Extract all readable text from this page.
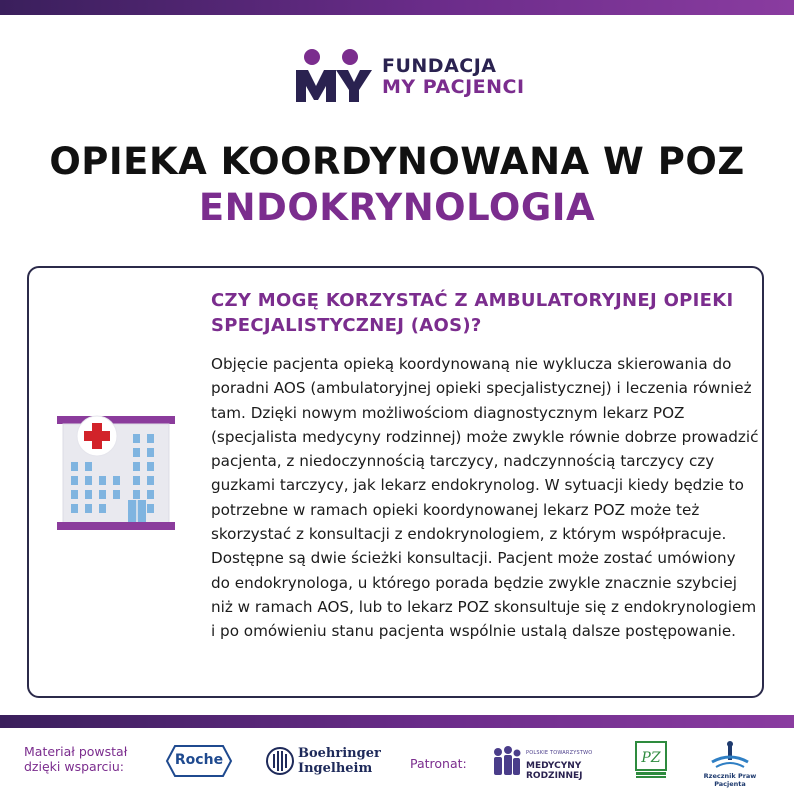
FUNDACJA
MY PACJENCI
OPIEKA KOORDYNOWANA W POZ
ENDOKRYNOLOGIA
CZY MOGĘ KORZYSTAĆ Z AMBULATORYJNEJ OPIEKI SPECJALISTYCZNEJ (AOS)?
Objęcie pacjenta opieką koordynowaną nie wyklucza skierowania do poradni AOS (ambulatoryjnej opieki specjalistycznej) i leczenia również tam. Dzięki nowym możliwościom diagnostycznym lekarz POZ (specjalista medycyny rodzinnej) może zwykle równie dobrze prowadzić pacjenta, z niedoczynnością tarczycy, nadczynnością tarczycy czy guzkami tarczycy, jak lekarz endokrynolog. W sytuacji kiedy będzie to potrzebne w ramach opieki koordynowanej lekarz POZ może też skorzystać z konsultacji z endokrynologiem, z którym współpracuje. Dostępne są dwie ścieżki konsultacji. Pacjent może zostać umówiony do endokrynologa, u którego porada będzie zwykle znacznie szybciej niż w ramach AOS, lub to lekarz POZ skonsultuje się z endokrynologiem i po omówieniu stanu pacjenta wspólnie ustalą dalsze postępowanie.
Materiał powstał
dzięki wsparciu:	Roche	Boehringer
Ingelheim	Patronat:
POLSKIE TOWARZYSTWO
MEDYCYNY RODZINNEJ
PZ
Rzecznik Praw Pacjenta
